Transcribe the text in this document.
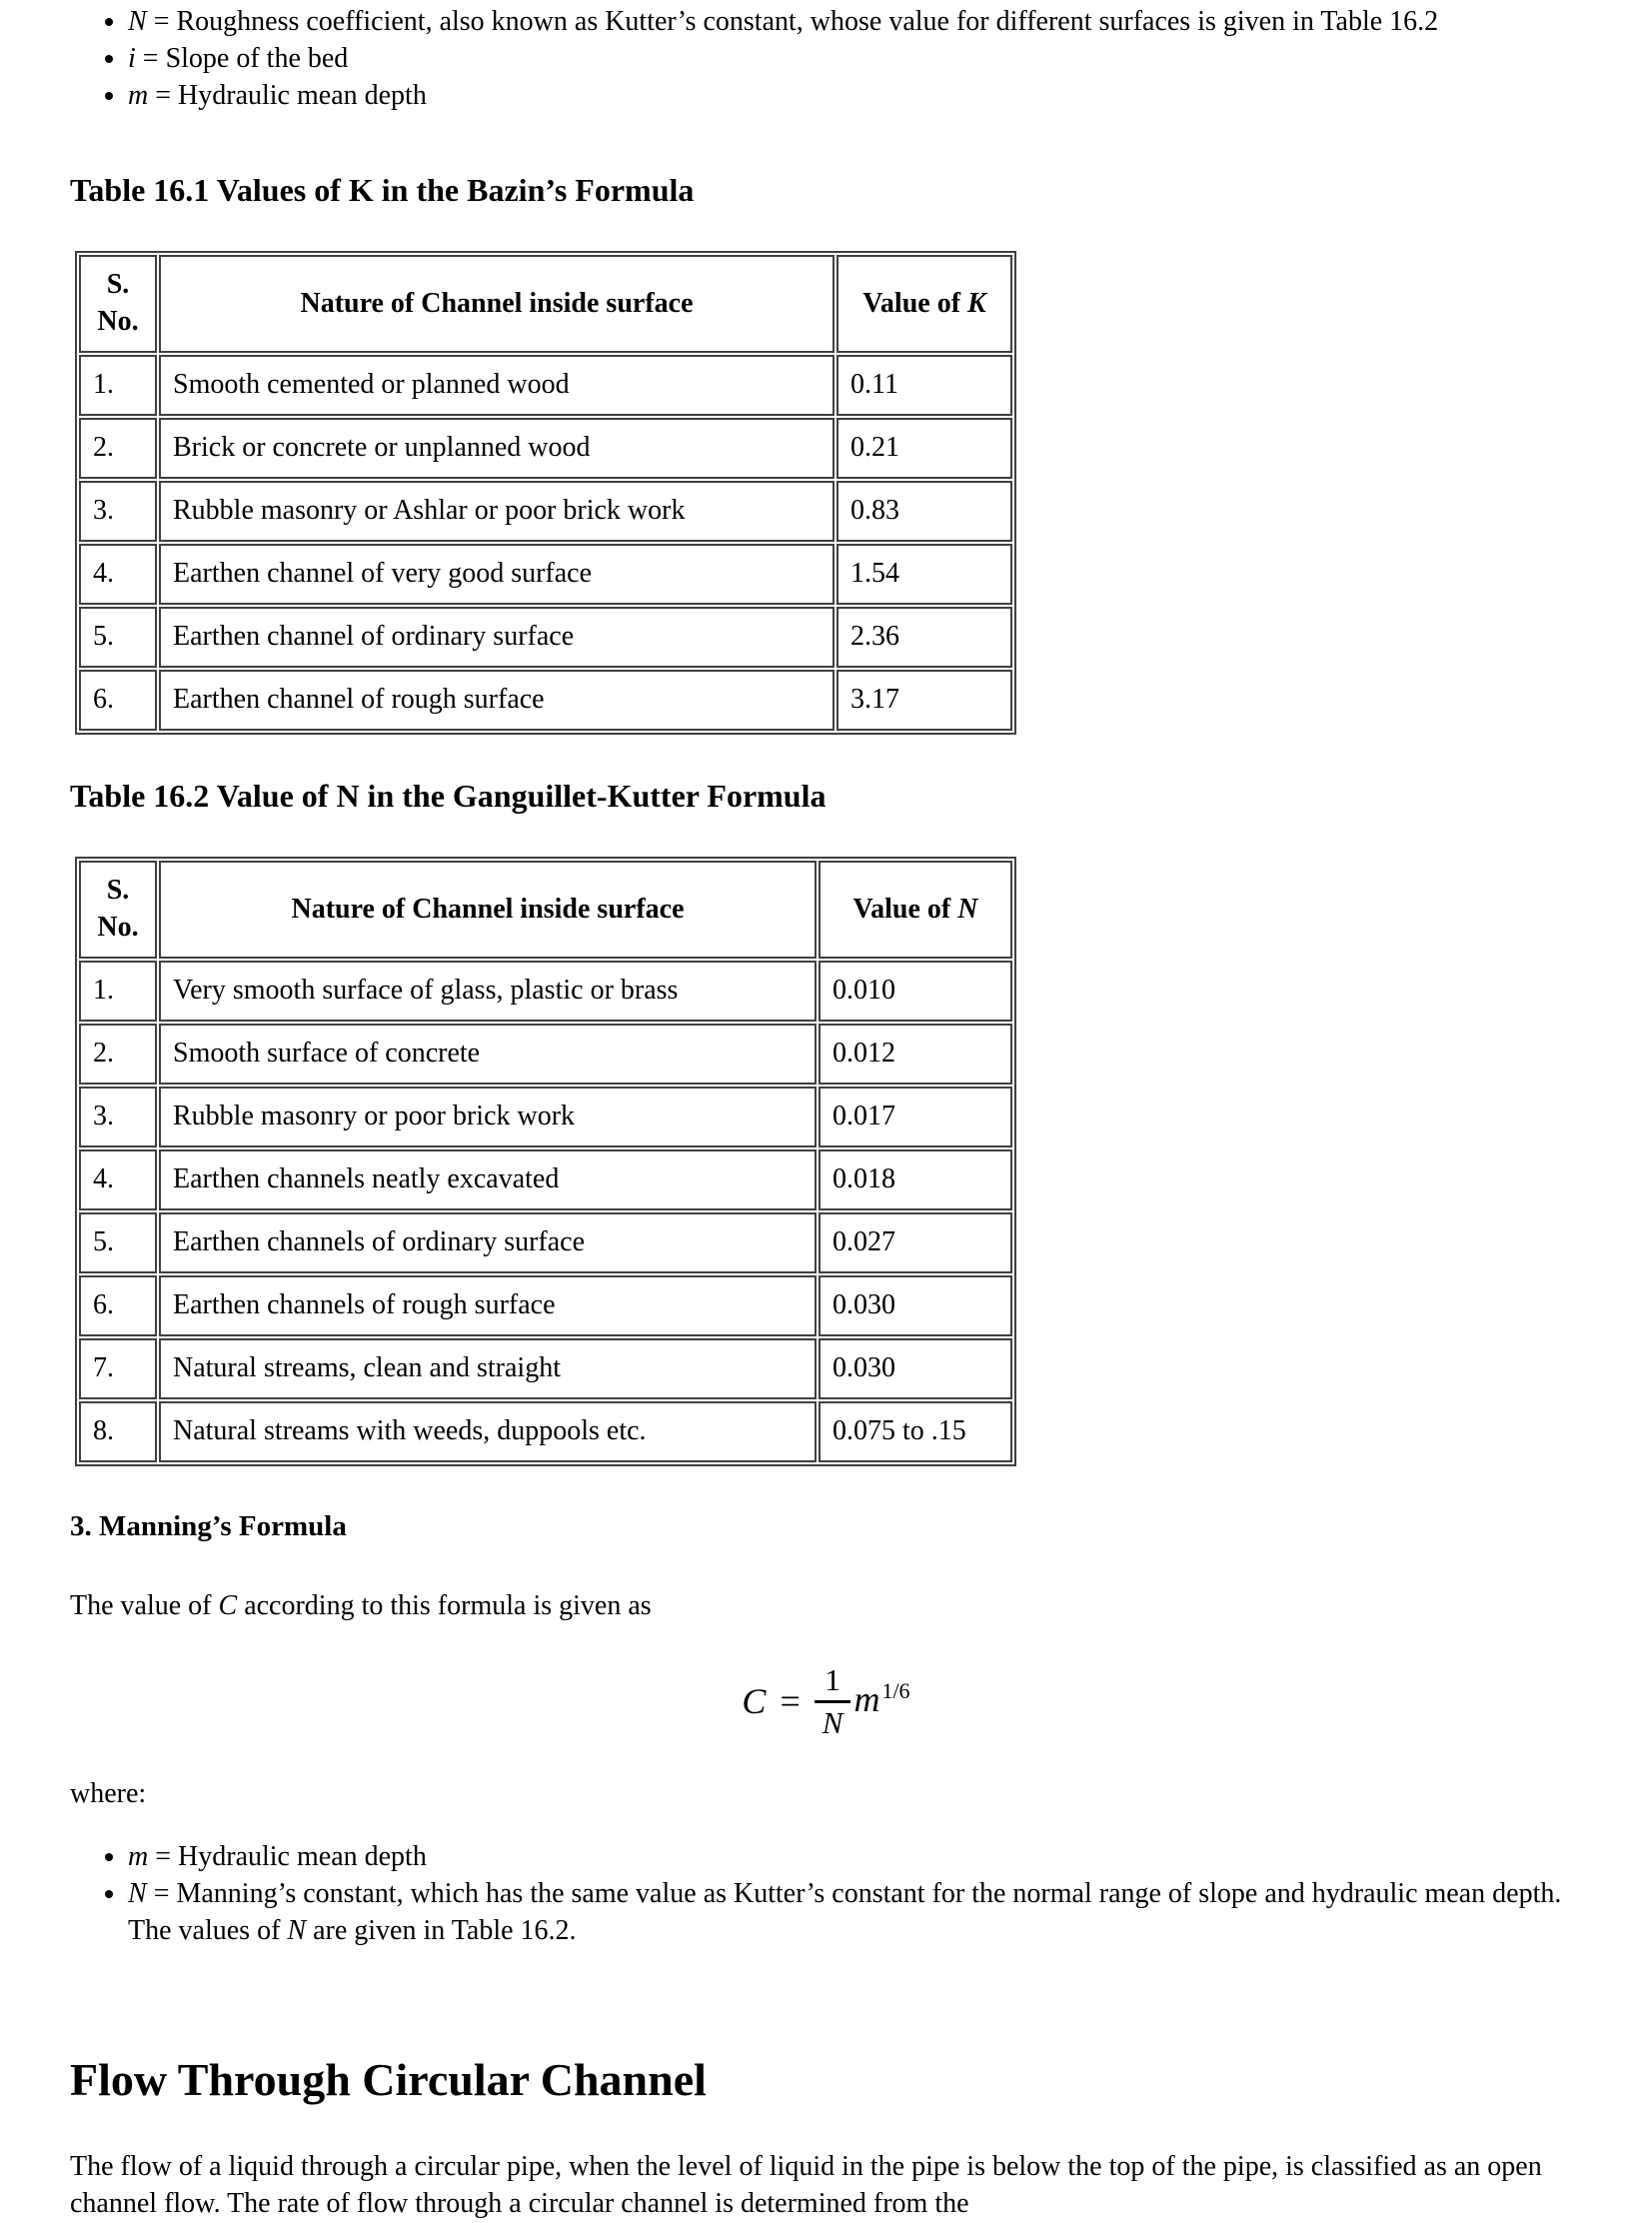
• N = Roughness coefficient, also known as Kutter’s constant, whose value for different surfaces is given in Table 16.2
• i = Slope of the bed
• m = Hydraulic mean depth
Table 16.1 Values of K in the Bazin’s Formula
S. No.	Nature of Channel inside surface	Value of K
1.	Smooth cemented or planned wood	0.11
2.	Brick or concrete or unplanned wood	0.21
3.	Rubble masonry or Ashlar or poor brick work	0.83
4.	Earthen channel of very good surface	1.54
5.	Earthen channel of ordinary surface	2.36
6.	Earthen channel of rough surface	3.17
Table 16.2 Value of N in the Ganguillet-Kutter Formula
S. No.	Nature of Channel inside surface	Value of N
1.	Very smooth surface of glass, plastic or brass	0.010
2.	Smooth surface of concrete	0.012
3.	Rubble masonry or poor brick work	0.017
4.	Earthen channels neatly excavated	0.018
5.	Earthen channels of ordinary surface	0.027
6.	Earthen channels of rough surface	0.030
7.	Natural streams, clean and straight	0.030
8.	Natural streams with weeds, duppools etc.	0.075 to .15
3. Manning’s Formula

The value of C according to this formula is given as

$C = \frac{1}{N} m^{1/6}$

where:

• m = Hydraulic mean depth
• N = Manning’s constant, which has the same value as Kutter’s constant for the normal range of slope and hydraulic mean depth. The values of N are given in Table 16.2.
Flow Through Circular Channel

The flow of a liquid through a circular pipe, when the level of liquid in the pipe is below the top of the pipe, is classified as an open channel flow. The rate of flow through a circular channel is determined from the
